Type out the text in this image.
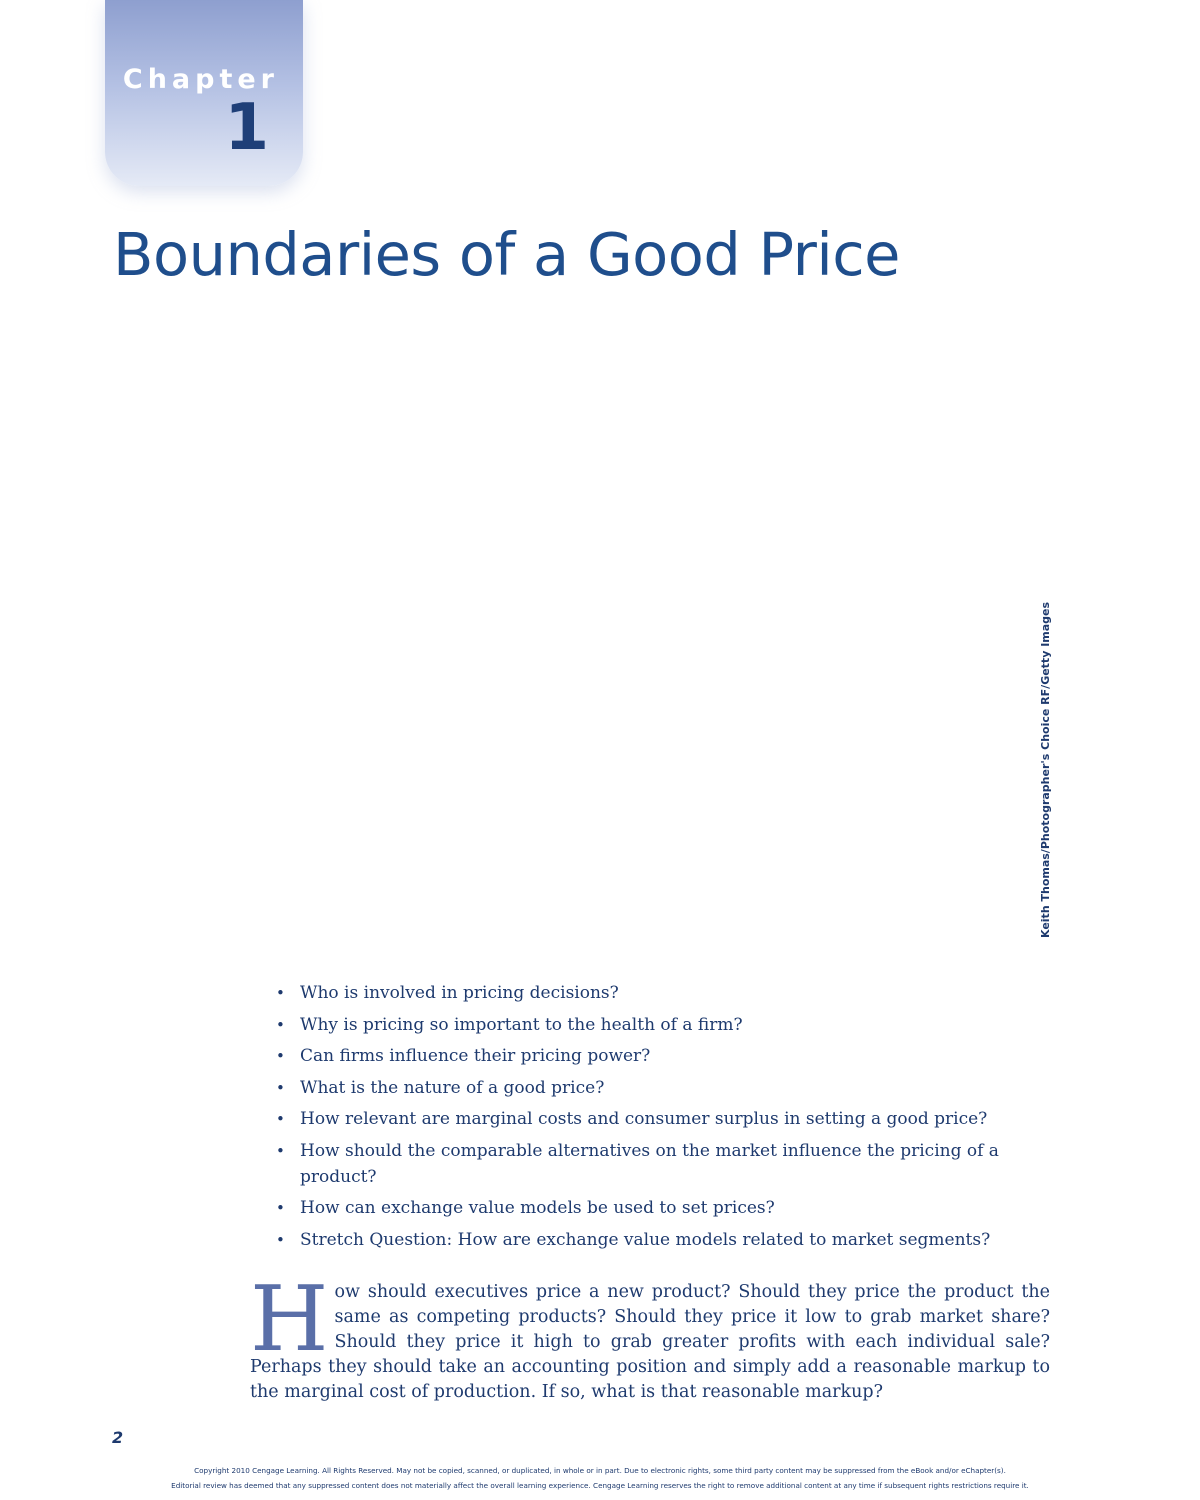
Chapter
1
Boundaries of a Good Price
Keith Thomas/Photographer's Choice RF/Getty Images
• Who is involved in pricing decisions?
• Why is pricing so important to the health of a firm?
• Can firms influence their pricing power?
• What is the nature of a good price?
• How relevant are marginal costs and consumer surplus in setting a good price?
• How should the comparable alternatives on the market influence the pricing of a product?
• How can exchange value models be used to set prices?
• Stretch Question: How are exchange value models related to market segments?

How should executives price a new product? Should they price the product the same as competing products? Should they price it low to grab market share? Should they price it high to grab greater profits with each individual sale? Perhaps they should take an accounting position and simply add a reasonable markup to the marginal cost of production. If so, what is that reasonable markup?

2
Copyright 2010 Cengage Learning. All Rights Reserved. May not be copied, scanned, or duplicated, in whole or in part. Due to electronic rights, some third party content may be suppressed from the eBook and/or eChapter(s).
Editorial review has deemed that any suppressed content does not materially affect the overall learning experience. Cengage Learning reserves the right to remove additional content at any time if subsequent rights restrictions require it.
